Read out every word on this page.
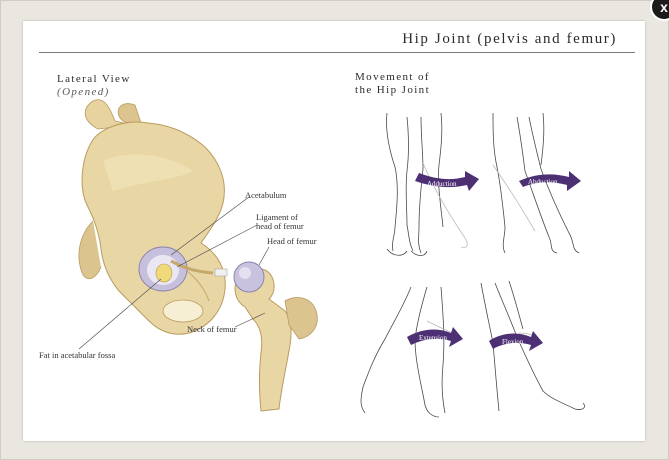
Hip Joint (pelvis and femur)
Lateral View
(Opened)
Movement of
the Hip Joint
Adduction	Abduction
Extension	Flexion
Acetabulum
Ligament of
head of femur
Head of femur
Neck of femur
Fat in acetabular fossa
x
